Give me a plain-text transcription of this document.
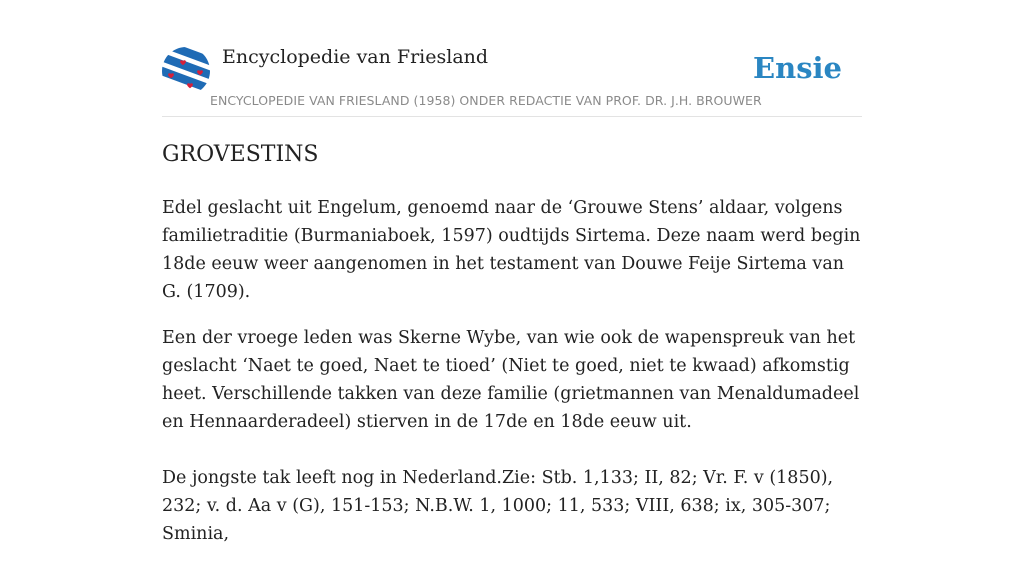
Encyclopedie van Friesland	Ensie
ENCYCLOPEDIE VAN FRIESLAND (1958) ONDER REDACTIE VAN PROF. DR. J.H. BROUWER
GROVESTINS

Edel geslacht uit Engelum, genoemd naar de ‘Grouwe Stens’ aldaar, volgens familietraditie (Burmaniaboek, 1597) oudtijds Sirtema. Deze naam werd begin 18de eeuw weer aangenomen in het testament van Douwe Feije Sirtema van G. (1709).

Een der vroege leden was Skerne Wybe, van wie ook de wapenspreuk van het geslacht ‘Naet te goed, Naet te tioed’ (Niet te goed, niet te kwaad) afkomstig heet. Verschillende takken van deze familie (grietmannen van Menaldumadeel en Hennaarderadeel) stierven in de 17de en 18de eeuw uit.

De jongste tak leeft nog in Nederland.Zie: Stb. 1,133; II, 82; Vr. F. v (1850), 232; v. d. Aa v (G), 151-153; N.B.W. 1, 1000; 11, 533; VIII, 638; ix, 305-307; Sminia,
